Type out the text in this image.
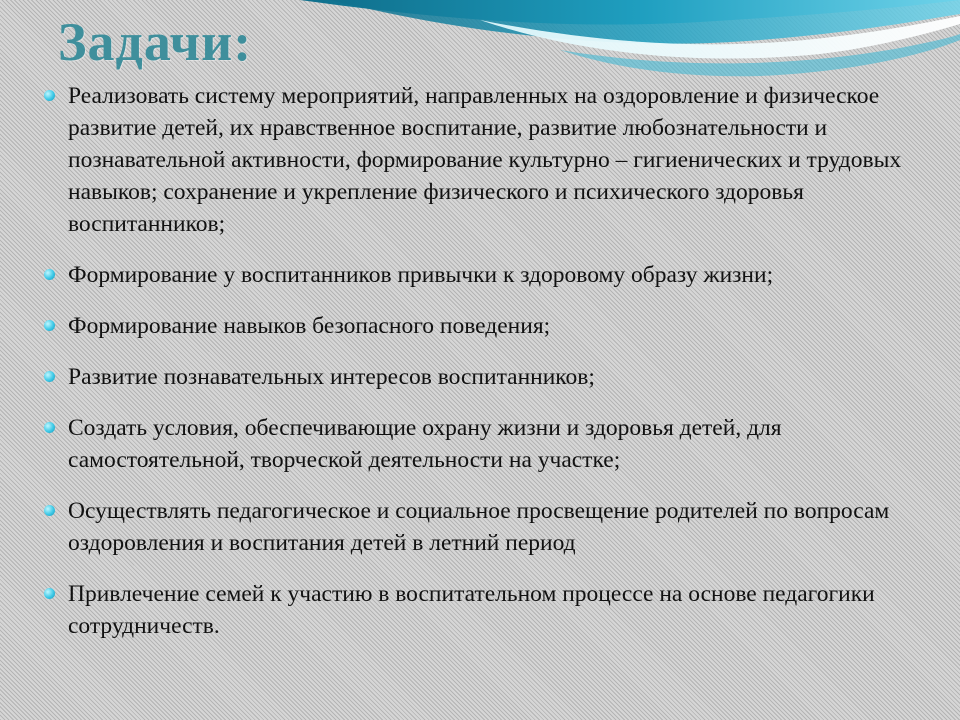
Задачи:
Реализовать систему мероприятий, направленных на оздоровление и физическое развитие детей, их нравственное воспитание, развитие любознательности и познавательной активности, формирование культурно – гигиенических и трудовых навыков; сохранение и укрепление физического и психического здоровья воспитанников;
Формирование у воспитанников привычки к здоровому образу жизни;
Формирование навыков безопасного поведения;
Развитие познавательных интересов воспитанников;
Создать условия, обеспечивающие охрану жизни и здоровья детей, для самостоятельной, творческой деятельности на участке;
Осуществлять педагогическое и социальное просвещение родителей по вопросам оздоровления и воспитания детей в летний период
Привлечение семей к участию в воспитательном процессе на основе педагогики сотрудничеств.
